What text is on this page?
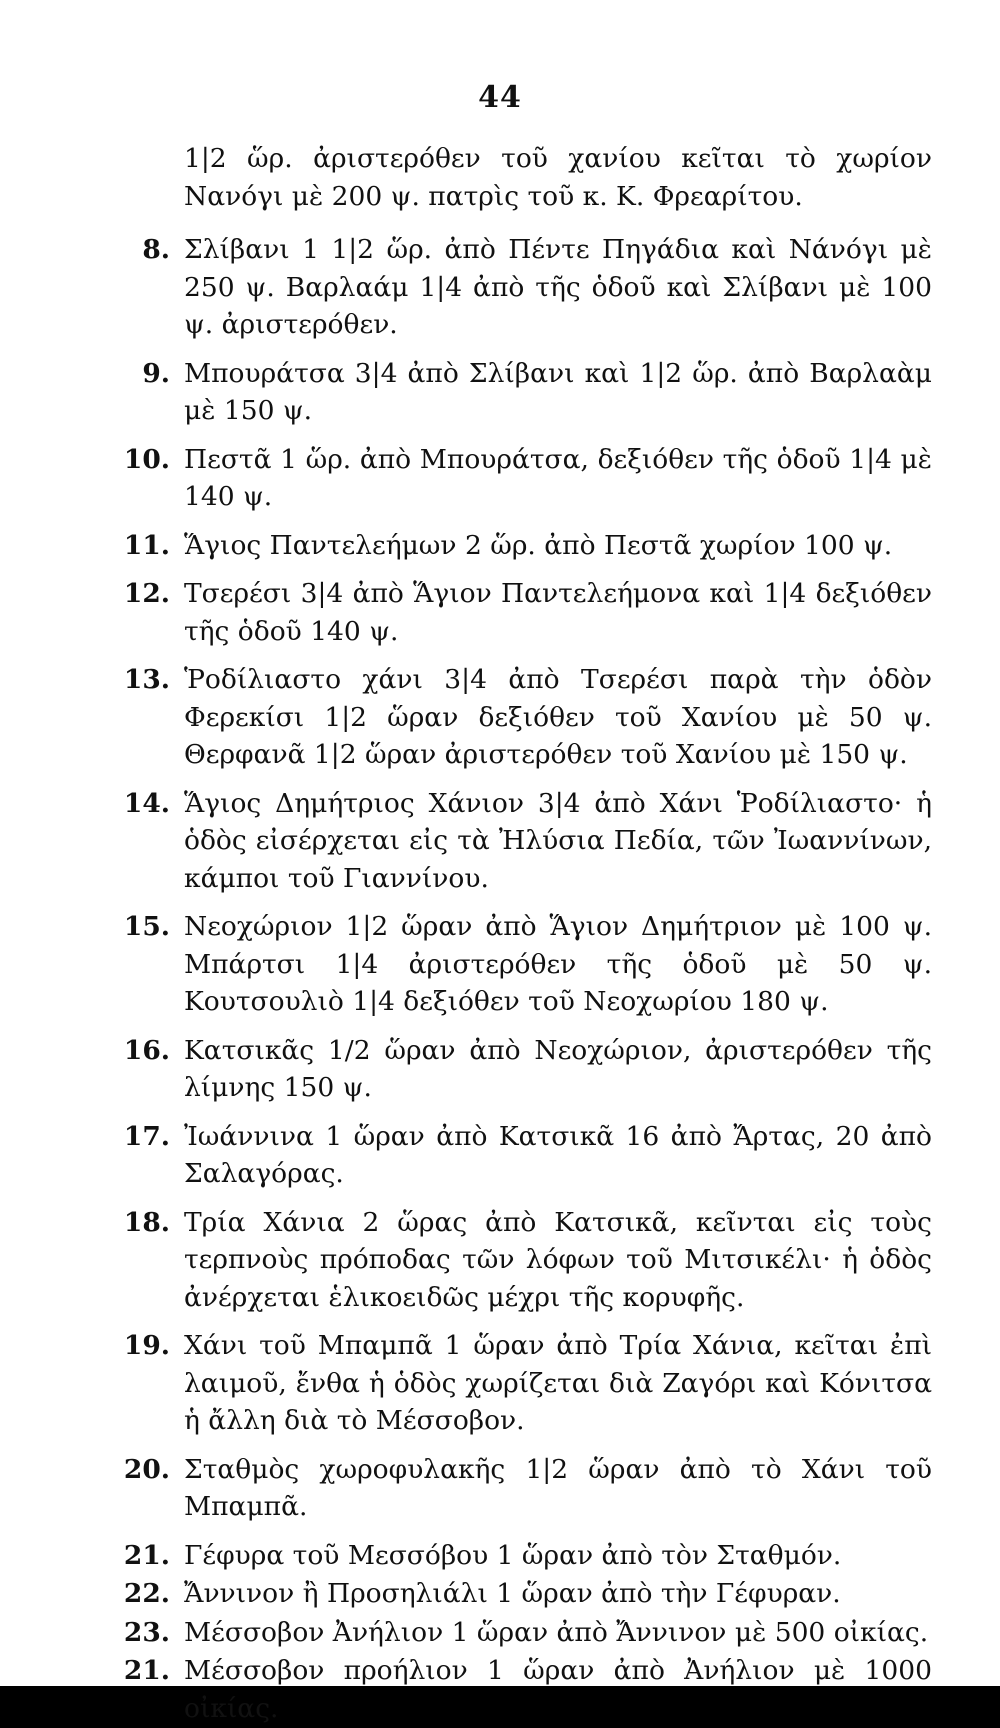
44
1|2 ὥρ. ἀριστερόθεν τοῦ χανίου κεῖται τὸ χωρίον Νανόγι μὲ 200 ψ. πατρὶς τοῦ κ. Κ. Φρεαρίτου.
8. Σλίβανι 1 1|2 ὥρ. ἀπὸ Πέντε Πηγάδια καὶ Νάνόγι μὲ 250 ψ. Βαρλαάμ 1|4 ἀπὸ τῆς ὁδοῦ καὶ Σλίβανι μὲ 100 ψ. ἀριστερόθεν.
9. Μπουράτσα 3|4 ἀπὸ Σλίβανι καὶ 1|2 ὥρ. ἀπὸ Βαρλαὰμ μὲ 150 ψ.
10. Πεστᾶ 1 ὥρ. ἀπὸ Μπουράτσα, δεξιόθεν τῆς ὁδοῦ 1|4 μὲ 140 ψ.
11. Ἅγιος Παντελεήμων 2 ὥρ. ἀπὸ Πεστᾶ χωρίον 100 ψ.
12. Τσερέσι 3|4 ἀπὸ Ἅγιον Παντελεήμονα καὶ 1|4 δεξιόθεν τῆς ὁδοῦ 140 ψ.
13. Ῥοδίλιαστο χάνι 3|4 ἀπὸ Τσερέσι παρὰ τὴν ὁδὸν Φερεκίσι 1|2 ὥραν δεξιόθεν τοῦ Χανίου μὲ 50 ψ. Θερφανᾶ 1|2 ὥραν ἀριστερόθεν τοῦ Χανίου μὲ 150 ψ.
14. Ἅγιος Δημήτριος Χάνιον 3|4 ἀπὸ Χάνι Ῥοδίλιαστο· ἡ ὁδὸς εἰσέρχεται εἰς τὰ Ἠλύσια Πεδία, τῶν Ἰωαννίνων, κάμποι τοῦ Γιαννίνου.
15. Νεοχώριον 1|2 ὥραν ἀπὸ Ἅγιον Δημήτριον μὲ 100 ψ. Μπάρτσι 1|4 ἀριστερόθεν τῆς ὁδοῦ μὲ 50 ψ. Κουτσουλιὸ 1|4 δεξιόθεν τοῦ Νεοχωρίου 180 ψ.
16. Κατσικᾶς 1/2 ὥραν ἀπὸ Νεοχώριον, ἀριστερόθεν τῆς λίμνης 150 ψ.
17. Ἰωάννινα 1 ὥραν ἀπὸ Κατσικᾶ 16 ἀπὸ Ἄρτας, 20 ἀπὸ Σαλαγόρας.
18. Τρία Χάνια 2 ὥρας ἀπὸ Κατσικᾶ, κεῖνται εἰς τοὺς τερπνοὺς πρόποδας τῶν λόφων τοῦ Μιτσικέλι· ἡ ὁδὸς ἀνέρχεται ἑλικοειδῶς μέχρι τῆς κορυφῆς.
19. Χάνι τοῦ Μπαμπᾶ 1 ὥραν ἀπὸ Τρία Χάνια, κεῖται ἐπὶ λαιμοῦ, ἔνθα ἡ ὁδὸς χωρίζεται διὰ Ζαγόρι καὶ Κόνιτσα ἡ ἄλλη διὰ τὸ Μέσσοβον.
20. Σταθμὸς χωροφυλακῆς 1|2 ὥραν ἀπὸ τὸ Χάνι τοῦ Μπαμπᾶ.
21. Γέφυρα τοῦ Μεσσόβου 1 ὥραν ἀπὸ τὸν Σταθμόν.
22. Ἄννινον ἢ Προσηλιάλι 1 ὥραν ἀπὸ τὴν Γέφυραν.
23. Μέσσοβον Ἀνήλιον 1 ὥραν ἀπὸ Ἄννινον μὲ 500 οἰκίας.
21. Μέσσοβον προήλιον 1 ὥραν ἀπὸ Ἀνήλιον μὲ 1000 οἰκίας.
